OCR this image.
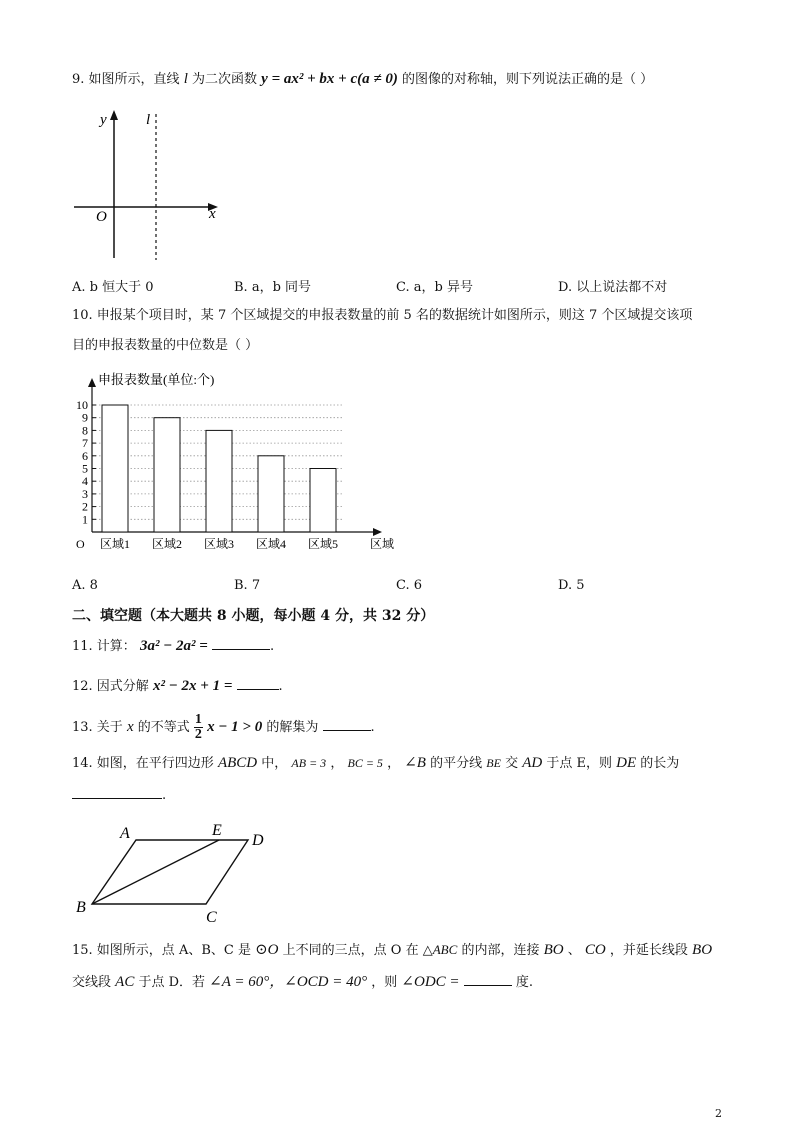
9. 如图所示，直线 l 为二次函数 y = ax² + bx + c(a ≠ 0) 的图像的对称轴，则下列说法正确的是（ ）
y	l
x
O
A. b 恒大于 0	B. a，b 同号	C. a，b 异号	D. 以上说法都不对
10. 申报某个项目时，某 7 个区域提交的申报表数量的前 5 名的数据统计如图所示，则这 7 个区域提交该项
目的申报表数量的中位数是（ ）
1
2
3
4
5
6
7
8
9
10
区域1 区域2 区域3 区域4 区域5
O	区域
申报表数量(单位:个)
A. 8	B. 7	C. 6	D. 5
二、填空题（本大题共 8 小题，每小题 4 分，共 32 分）
11. 计算： 3a² − 2a² =	.
12. 因式分解 x² − 2x + 1 =	.
13. 关于 x 的不等式 $\frac{1}{2}$ x − 1 > 0 的解集为	.
14. 如图，在平行四边形 ABCD 中， AB = 3 ， BC = 5 ， ∠B 的平分线 BE 交 AD 于点 E，则 DE 的长为
.
A	E
D
B
C
15. 如图所示，点 A、B、C 是 ⊙O 上不同的三点，点 O 在 △ABC 的内部，连接 BO 、 CO ，并延长线段 BO
交线段 AC 于点 D．若 ∠A = 60°，∠OCD = 40° ，则 ∠ODC =	度.
2
